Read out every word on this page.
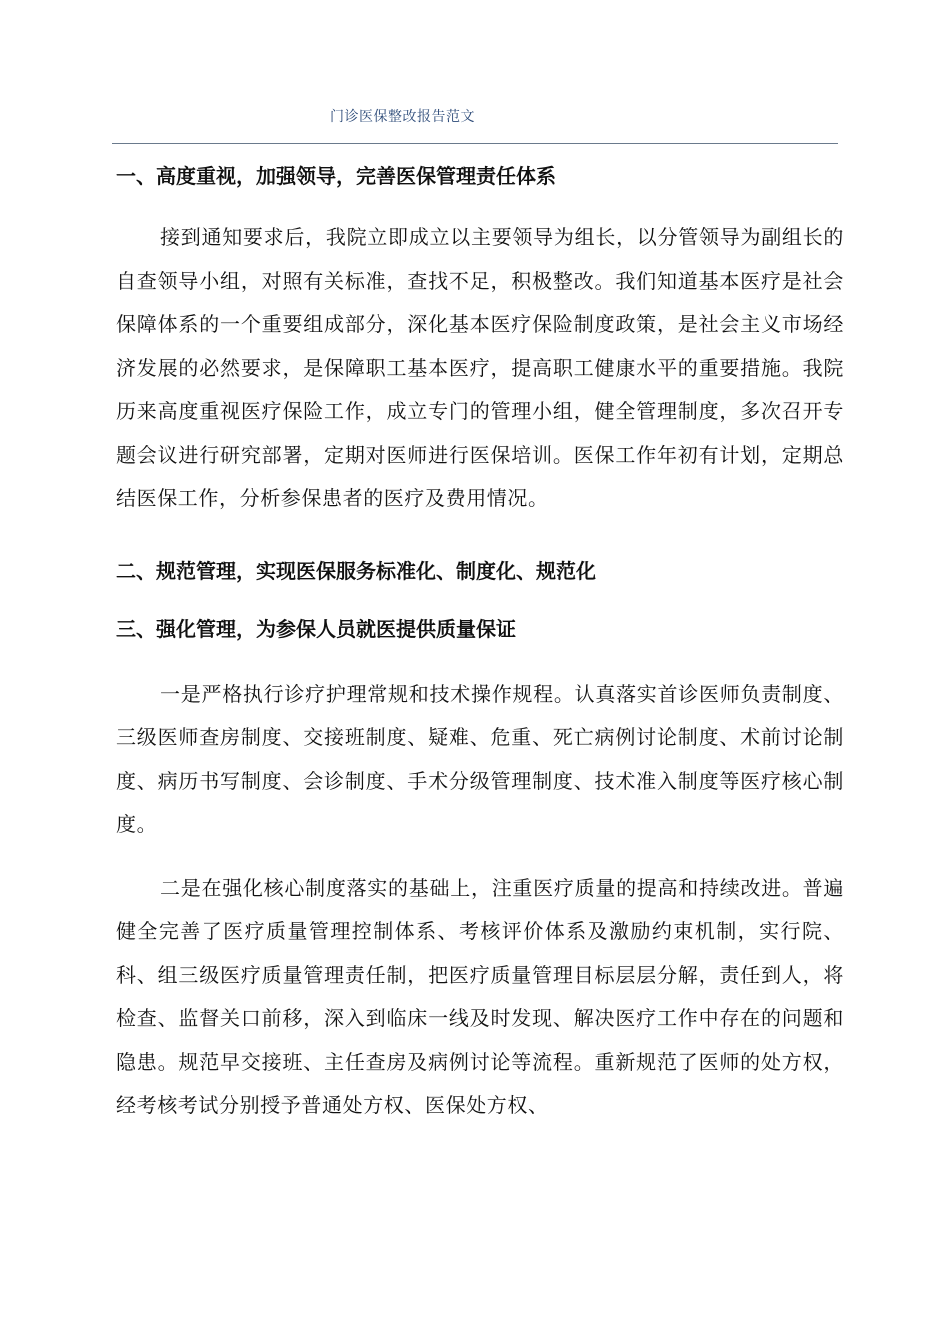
门诊医保整改报告范文

一、高度重视，加强领导，完善医保管理责任体系

接到通知要求后，我院立即成立以主要领导为组长，以分管领导为副组长的自查领导小组，对照有关标准，查找不足，积极整改。我们知道基本医疗是社会保障体系的一个重要组成部分，深化基本医疗保险制度政策，是社会主义市场经济发展的必然要求，是保障职工基本医疗，提高职工健康水平的重要措施。我院历来高度重视医疗保险工作，成立专门的管理小组，健全管理制度，多次召开专题会议进行研究部署，定期对医师进行医保培训。医保工作年初有计划，定期总结医保工作，分析参保患者的医疗及费用情况。

二、规范管理，实现医保服务标准化、制度化、规范化

三、强化管理，为参保人员就医提供质量保证

一是严格执行诊疗护理常规和技术操作规程。认真落实首诊医师负责制度、三级医师查房制度、交接班制度、疑难、危重、死亡病例讨论制度、术前讨论制度、病历书写制度、会诊制度、手术分级管理制度、技术准入制度等医疗核心制度。

二是在强化核心制度落实的基础上，注重医疗质量的提高和持续改进。普遍健全完善了医疗质量管理控制体系、考核评价体系及激励约束机制，实行院、科、组三级医疗质量管理责任制，把医疗质量管理目标层层分解，责任到人，将检查、监督关口前移，深入到临床一线及时发现、解决医疗工作中存在的问题和隐患。规范早交接班、主任查房及病例讨论等流程。重新规范了医师的处方权，经考核考试分别授予普通处方权、医保处方权、
